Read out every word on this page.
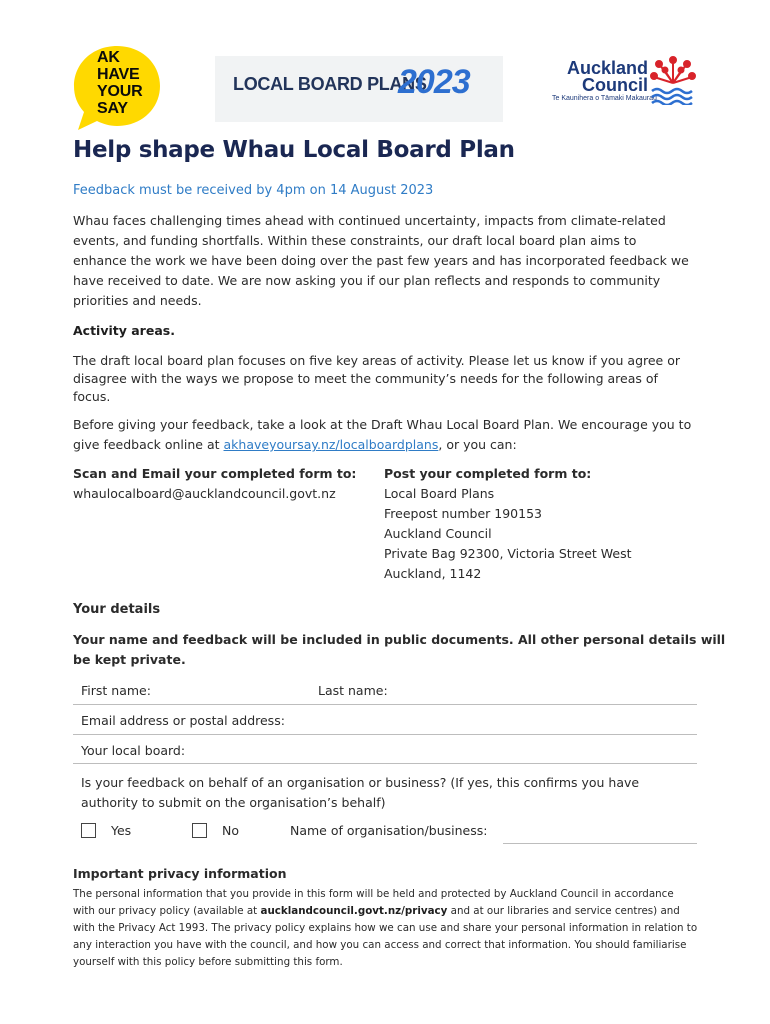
AK
HAVE
YOUR
SAY
LOCAL BOARD PLANS
2023	Auckland
Council
Te Kaunihera o Tāmaki Makaurau
Help shape Whau Local Board Plan
Feedback must be received by 4pm on 14 August 2023
Whau faces challenging times ahead with continued uncertainty, impacts from climate-related
events, and funding shortfalls. Within these constraints, our draft local board plan aims to
enhance the work we have been doing over the past few years and has incorporated feedback we
have received to date. We are now asking you if our plan reflects and responds to community
priorities and needs.
Activity areas.
The draft local board plan focuses on five key areas of activity. Please let us know if you agree or
disagree with the ways we propose to meet the community’s needs for the following areas of
focus.
Before giving your feedback, take a look at the Draft Whau Local Board Plan. We encourage you to
give feedback online at akhaveyoursay.nz/localboardplans, or you can:
Scan and Email your completed form to:
whaulocalboard@aucklandcouncil.govt.nz
Post your completed form to:
Local Board Plans
Freepost number 190153
Auckland Council
Private Bag 92300, Victoria Street West
Auckland, 1142
Your details
Your name and feedback will be included in public documents. All other personal details will
be kept private.
First name:	Last name:
Email address or postal address:
Your local board:
Is your feedback on behalf of an organisation or business? (If yes, this confirms you have
authority to submit on the organisation’s behalf)
Yes	No	Name of organisation/business:
Important privacy information
The personal information that you provide in this form will be held and protected by Auckland Council in accordance
with our privacy policy (available at aucklandcouncil.govt.nz/privacy and at our libraries and service centres) and
with the Privacy Act 1993. The privacy policy explains how we can use and share your personal information in relation to
any interaction you have with the council, and how you can access and correct that information. You should familiarise
yourself with this policy before submitting this form.
